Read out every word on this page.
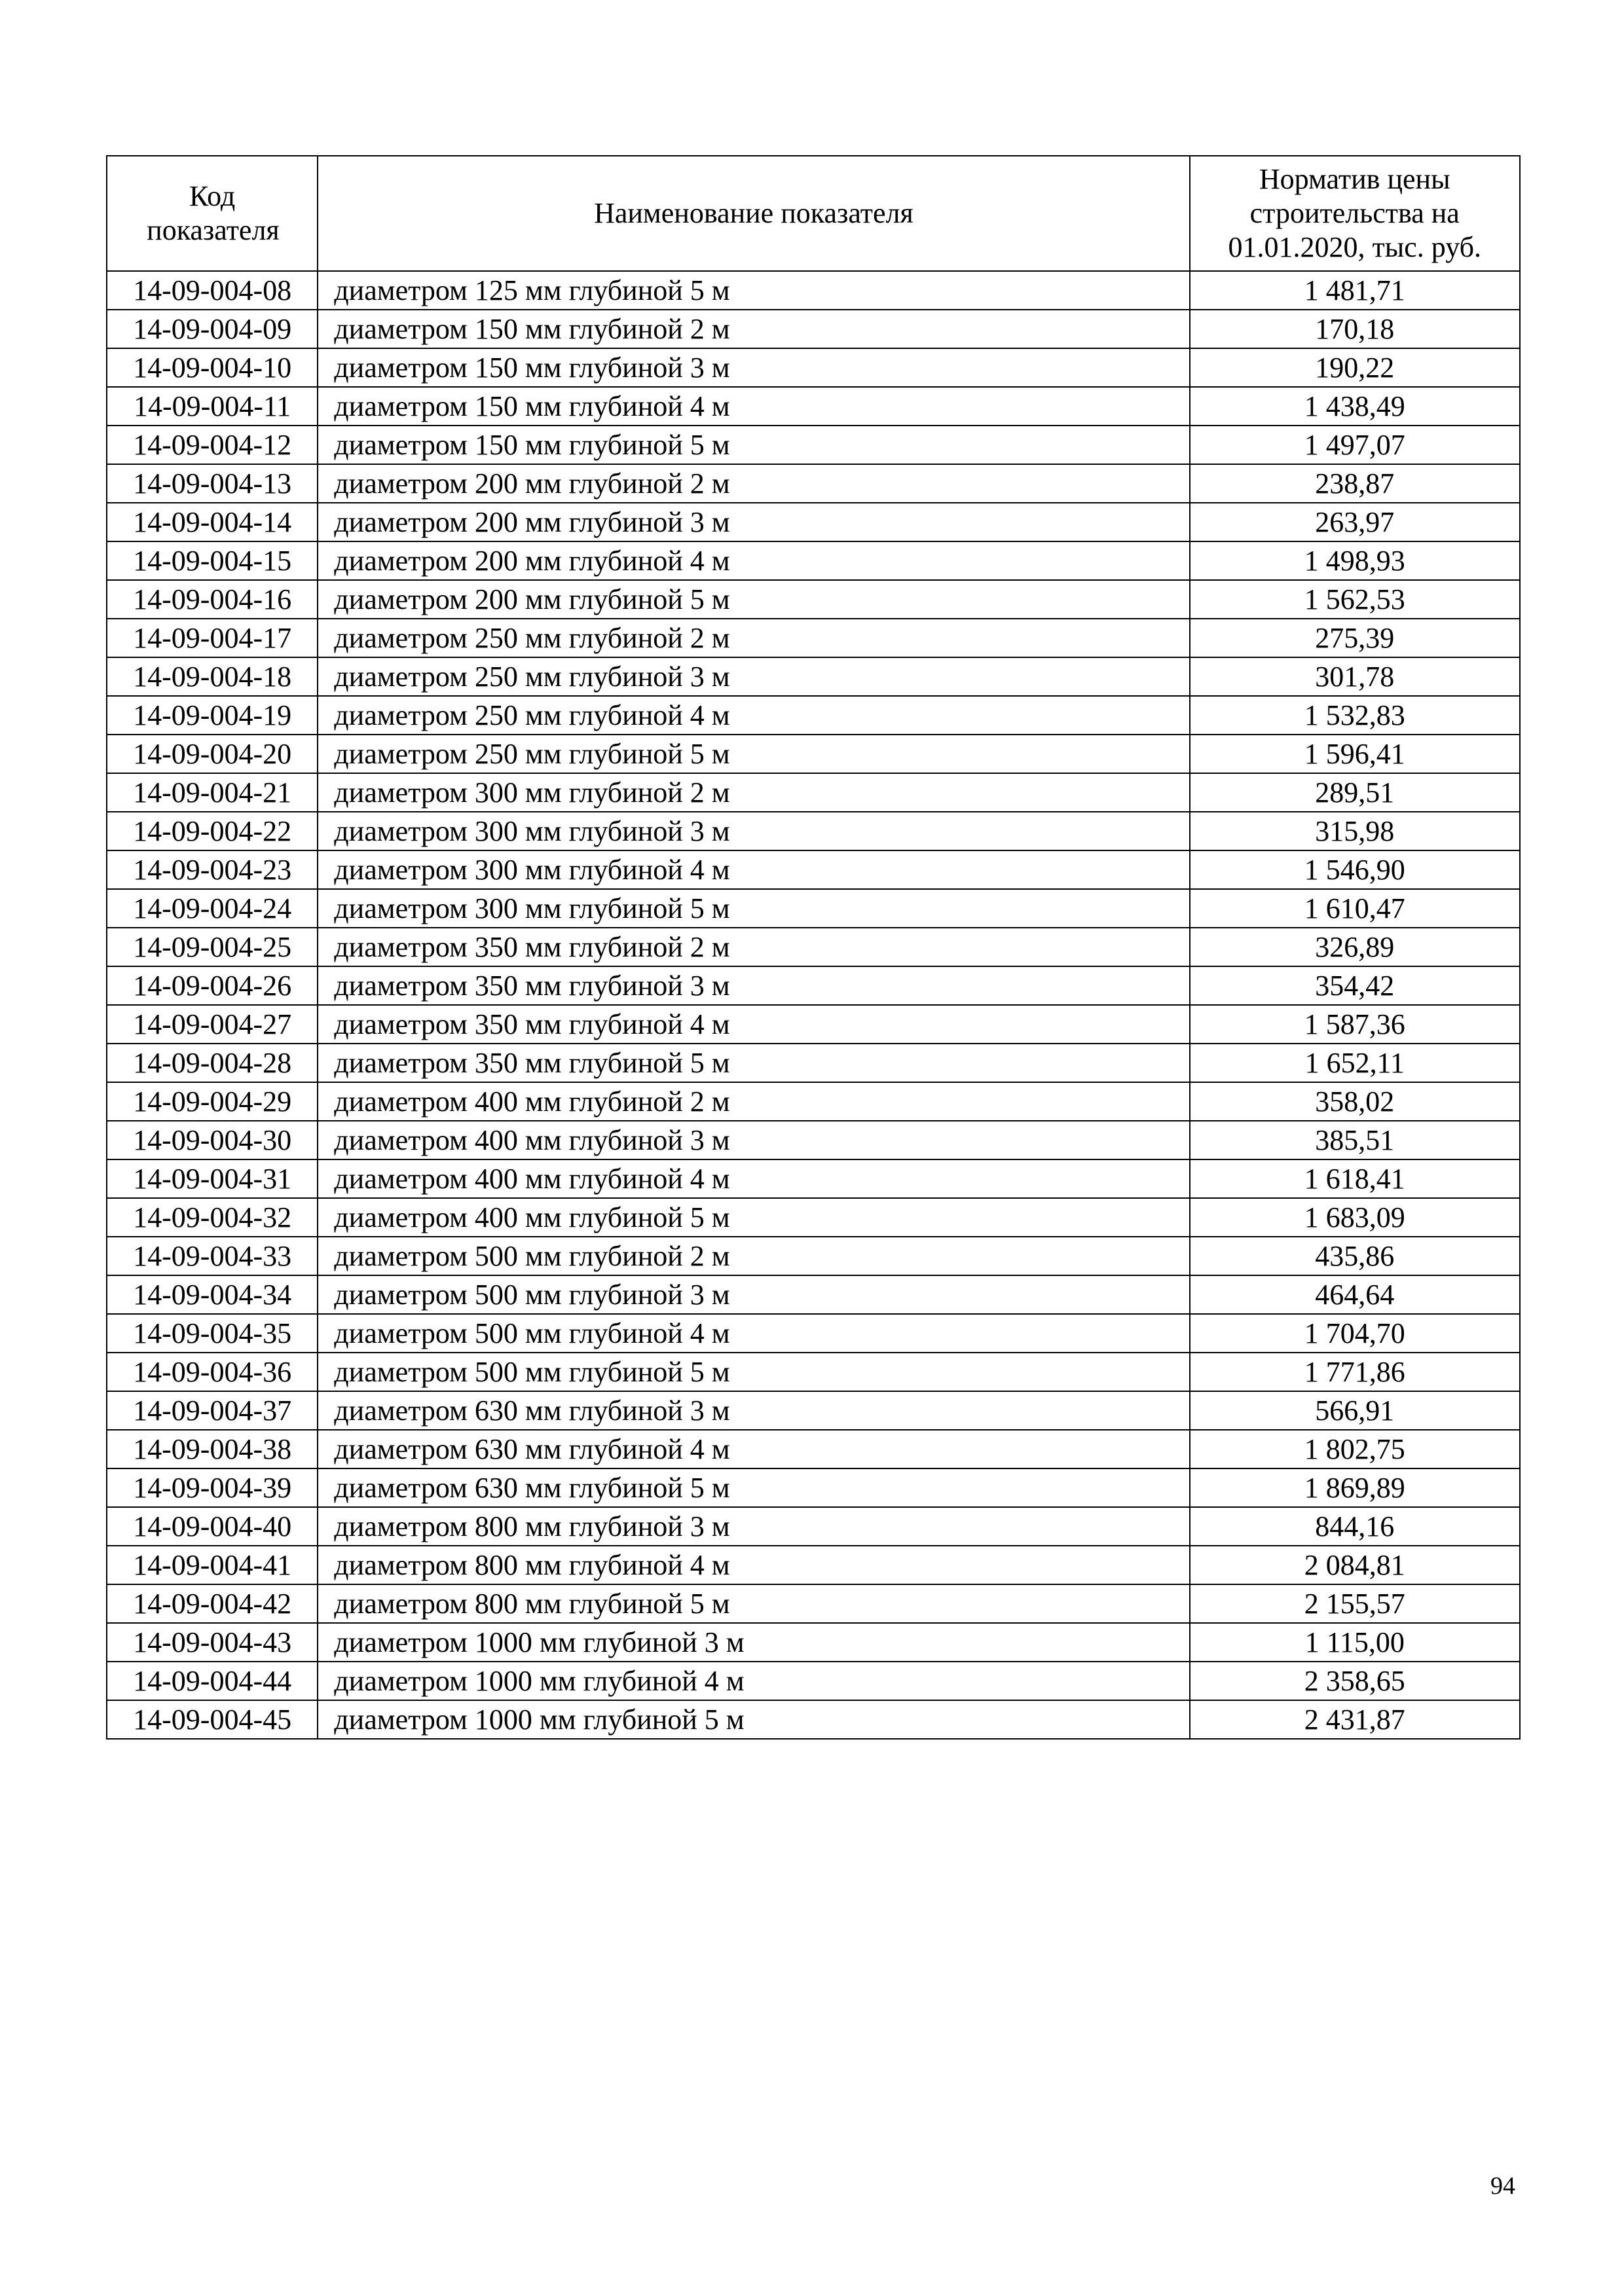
Код показателя	Наименование показателя	Норматив цены строительства на 01.01.2020, тыс. руб.
14-09-004-08	диаметром 125 мм глубиной 5 м	1 481,71
14-09-004-09	диаметром 150 мм глубиной 2 м	170,18
14-09-004-10	диаметром 150 мм глубиной 3 м	190,22
14-09-004-11	диаметром 150 мм глубиной 4 м	1 438,49
14-09-004-12	диаметром 150 мм глубиной 5 м	1 497,07
14-09-004-13	диаметром 200 мм глубиной 2 м	238,87
14-09-004-14	диаметром 200 мм глубиной 3 м	263,97
14-09-004-15	диаметром 200 мм глубиной 4 м	1 498,93
14-09-004-16	диаметром 200 мм глубиной 5 м	1 562,53
14-09-004-17	диаметром 250 мм глубиной 2 м	275,39
14-09-004-18	диаметром 250 мм глубиной 3 м	301,78
14-09-004-19	диаметром 250 мм глубиной 4 м	1 532,83
14-09-004-20	диаметром 250 мм глубиной 5 м	1 596,41
14-09-004-21	диаметром 300 мм глубиной 2 м	289,51
14-09-004-22	диаметром 300 мм глубиной 3 м	315,98
14-09-004-23	диаметром 300 мм глубиной 4 м	1 546,90
14-09-004-24	диаметром 300 мм глубиной 5 м	1 610,47
14-09-004-25	диаметром 350 мм глубиной 2 м	326,89
14-09-004-26	диаметром 350 мм глубиной 3 м	354,42
14-09-004-27	диаметром 350 мм глубиной 4 м	1 587,36
14-09-004-28	диаметром 350 мм глубиной 5 м	1 652,11
14-09-004-29	диаметром 400 мм глубиной 2 м	358,02
14-09-004-30	диаметром 400 мм глубиной 3 м	385,51
14-09-004-31	диаметром 400 мм глубиной 4 м	1 618,41
14-09-004-32	диаметром 400 мм глубиной 5 м	1 683,09
14-09-004-33	диаметром 500 мм глубиной 2 м	435,86
14-09-004-34	диаметром 500 мм глубиной 3 м	464,64
14-09-004-35	диаметром 500 мм глубиной 4 м	1 704,70
14-09-004-36	диаметром 500 мм глубиной 5 м	1 771,86
14-09-004-37	диаметром 630 мм глубиной 3 м	566,91
14-09-004-38	диаметром 630 мм глубиной 4 м	1 802,75
14-09-004-39	диаметром 630 мм глубиной 5 м	1 869,89
14-09-004-40	диаметром 800 мм глубиной 3 м	844,16
14-09-004-41	диаметром 800 мм глубиной 4 м	2 084,81
14-09-004-42	диаметром 800 мм глубиной 5 м	2 155,57
14-09-004-43	диаметром 1000 мм глубиной 3 м	1 115,00
14-09-004-44	диаметром 1000 мм глубиной 4 м	2 358,65
14-09-004-45	диаметром 1000 мм глубиной 5 м	2 431,87
94
